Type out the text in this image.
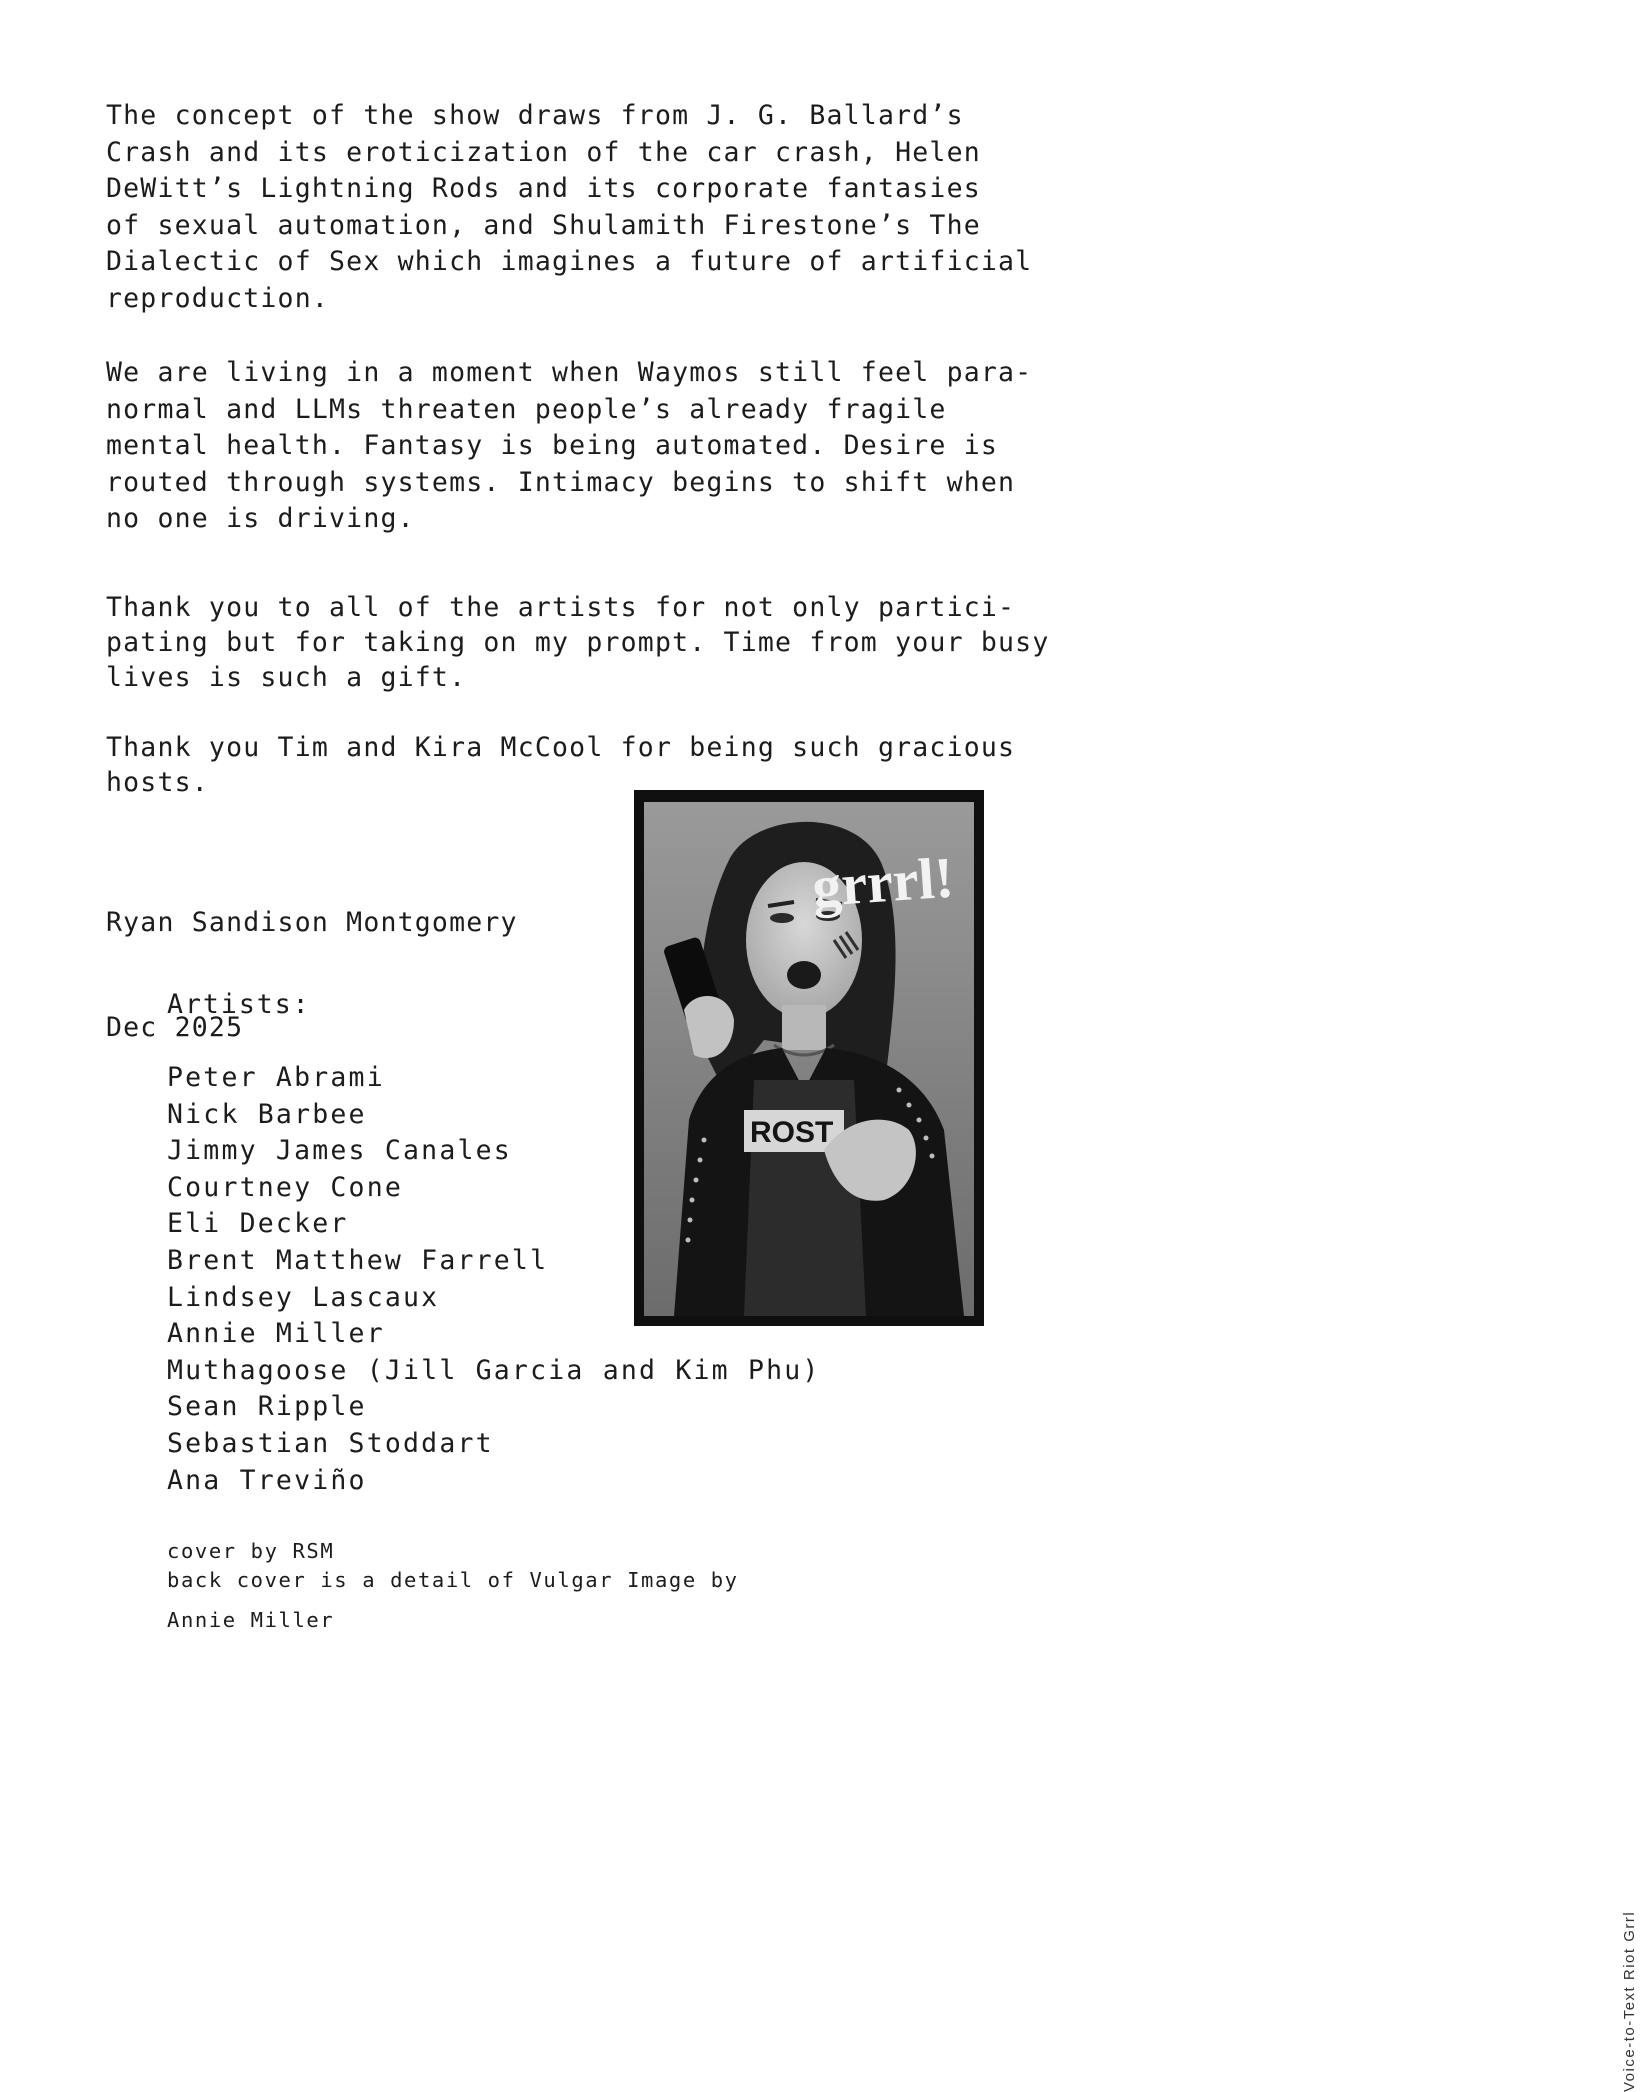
The concept of the show draws from J. G. Ballard’s
Crash and its eroticization of the car crash, Helen
DeWitt’s Lightning Rods and its corporate fantasies
of sexual automation, and Shulamith Firestone’s The
Dialectic of Sex which imagines a future of artificial
reproduction.

We are living in a moment when Waymos still feel para-
normal and LLMs threaten people’s already fragile
mental health. Fantasy is being automated. Desire is
routed through systems. Intimacy begins to shift when
no one is driving.

Thank you to all of the artists for not only partici-
pating but for taking on my prompt. Time from your busy
lives is such a gift.

Thank you Tim and Kira McCool for being such gracious
hosts.

Ryan Sandison Montgomery

Dec 2025

ROST
grrrl!
Voice-to-Text Riot Grrl
Artists:
Peter Abrami
Nick Barbee
Jimmy James Canales
Courtney Cone
Eli Decker
Brent Matthew Farrell
Lindsey Lascaux
Annie Miller
Muthagoose (Jill Garcia and Kim Phu)
Sean Ripple
Sebastian Stoddart
Ana Treviño
cover by RSM
back cover is a detail of Vulgar Image by
Annie Miller
